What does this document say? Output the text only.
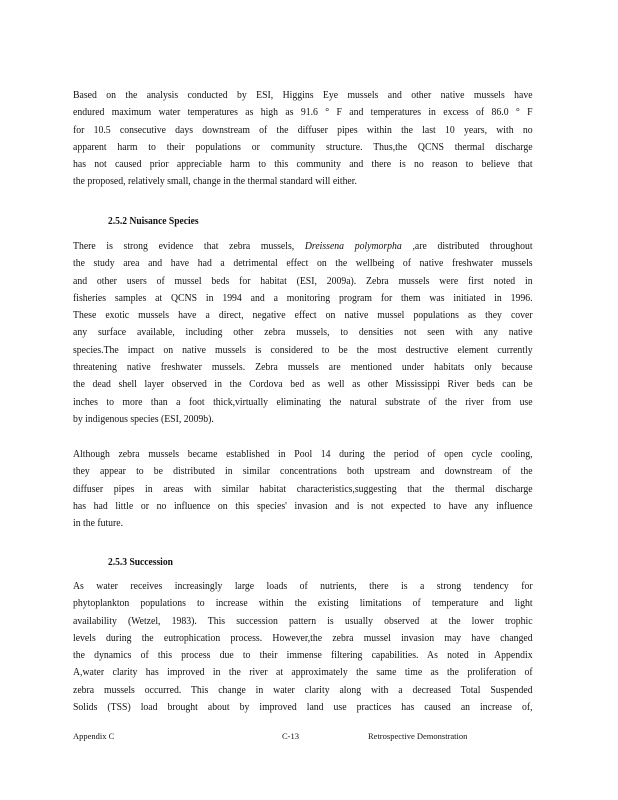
Based on the analysis conducted by ESI, Higgins Eye mussels and other native mussels have
endured maximum water temperatures as high as 91.6 ° F and temperatures in excess of 86.0 ° F
for 10.5 consecutive days downstream of the diffuser pipes within the last 10 years, with no
apparent harm to their populations or community structure. Thus,the QCNS thermal discharge
has not caused prior appreciable harm to this community and there is no reason to believe that
the proposed, relatively small, change in the thermal standard will either.
2.5.2 Nuisance Species
There is strong evidence that zebra mussels, Dreissena polymorpha ,are distributed throughout
the study area and have had a detrimental effect on the wellbeing of native freshwater mussels
and other users of mussel beds for habitat (ESI, 2009a). Zebra mussels were first noted in
fisheries samples at QCNS in 1994 and a monitoring program for them was initiated in 1996.
These exotic mussels have a direct, negative effect on native mussel populations as they cover
any surface available, including other zebra mussels, to densities not seen with any native
species.The impact on native mussels is considered to be the most destructive element currently
threatening native freshwater mussels. Zebra mussels are mentioned under habitats only because
the dead shell layer observed in the Cordova bed as well as other Mississippi River beds can be
inches to more than a foot thick,virtually eliminating the natural substrate of the river from use
by indigenous species (ESI, 2009b).
Although zebra mussels became established in Pool 14 during the period of open cycle cooling,
they appear to be distributed in similar concentrations both upstream and downstream of the
diffuser pipes in areas with similar habitat characteristics,suggesting that the thermal discharge
has had little or no influence on this species' invasion and is not expected to have any influence
in the future.
2.5.3 Succession
As water receives increasingly large loads of nutrients, there is a strong tendency for
phytoplankton populations to increase within the existing limitations of temperature and light
availability (Wetzel, 1983). This succession pattern is usually observed at the lower trophic
levels during the eutrophication process. However,the zebra mussel invasion may have changed
the dynamics of this process due to their immense filtering capabilities. As noted in Appendix
A,water clarity has improved in the river at approximately the same time as the proliferation of
zebra mussels occurred. This change in water clarity along with a decreased Total Suspended
Solids (TSS) load brought about by improved land use practices has caused an increase of,
Appendix C	C-13	Retrospective Demonstration
